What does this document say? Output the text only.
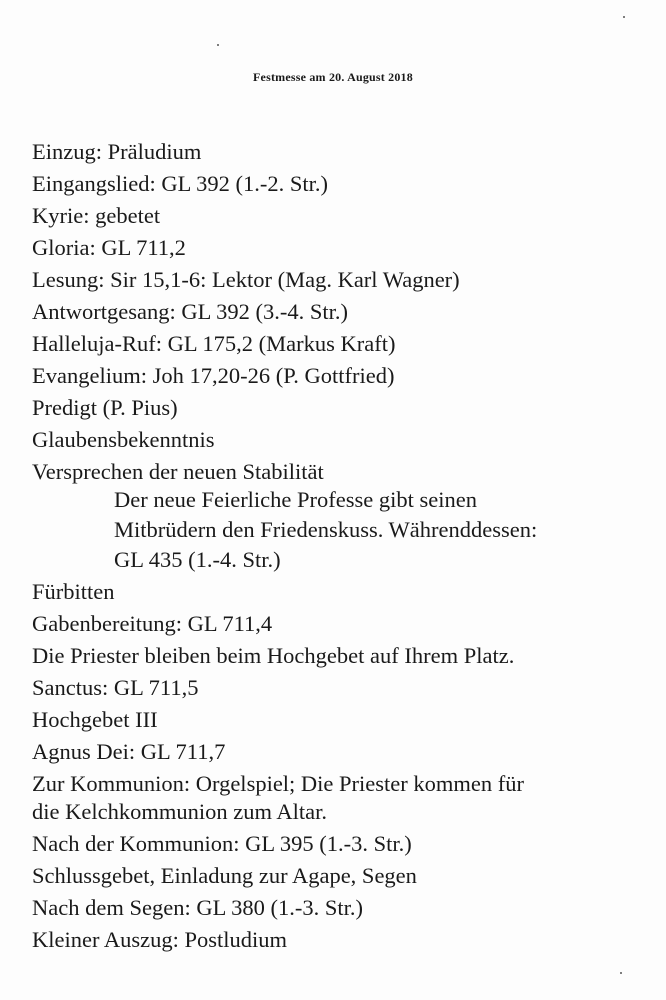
Festmesse am 20. August 2018
Einzug: Präludium
Eingangslied: GL 392 (1.-2. Str.)
Kyrie: gebetet
Gloria: GL 711,2
Lesung: Sir 15,1-6: Lektor (Mag. Karl Wagner)
Antwortgesang: GL 392 (3.-4. Str.)
Halleluja-Ruf: GL 175,2 (Markus Kraft)
Evangelium: Joh 17,20-26 (P. Gottfried)
Predigt (P. Pius)
Glaubensbekenntnis
Versprechen der neuen Stabilität
Der neue Feierliche Professe gibt seinen
Mitbrüdern den Friedenskuss. Währenddessen:
GL 435 (1.-4. Str.)
Fürbitten
Gabenbereitung: GL 711,4
Die Priester bleiben beim Hochgebet auf Ihrem Platz.
Sanctus: GL 711,5
Hochgebet III
Agnus Dei: GL 711,7
Zur Kommunion: Orgelspiel; Die Priester kommen für
die Kelchkommunion zum Altar.
Nach der Kommunion: GL 395 (1.-3. Str.)
Schlussgebet, Einladung zur Agape, Segen
Nach dem Segen: GL 380 (1.-3. Str.)
Kleiner Auszug: Postludium
